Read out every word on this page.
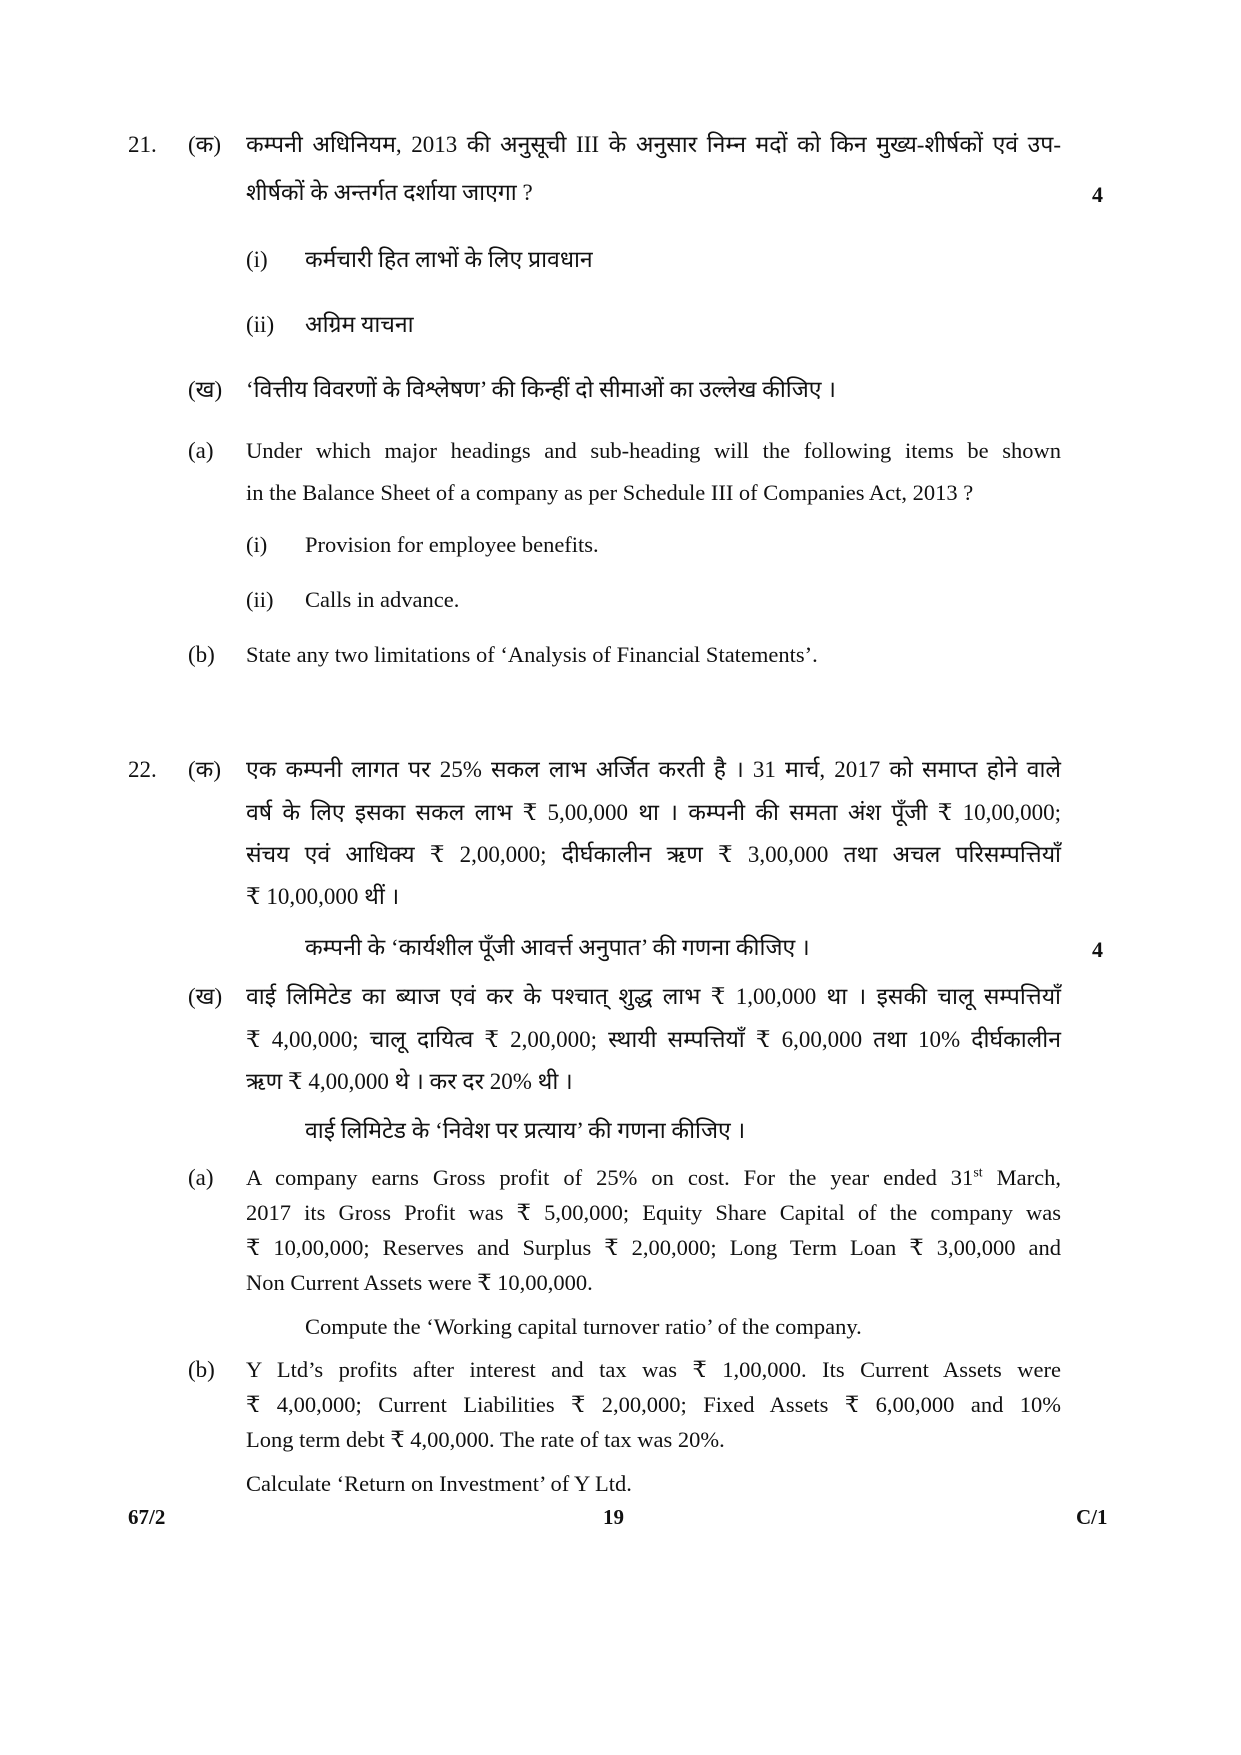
21. (क) कम्पनी अधिनियम, 2013 की अनुसूची III के अनुसार निम्न मदों को किन मुख्य-शीर्षकों एवं उप-
शीर्षकों के अन्तर्गत दर्शाया जाएगा ?	4
(i) कर्मचारी हित लाभों के लिए प्रावधान
(ii) अग्रिम याचना
(ख) ‘वित्तीय विवरणों के विश्लेषण’ की किन्हीं दो सीमाओं का उल्लेख कीजिए ।
(a) Under which major headings and sub-heading will the following items be shown
in the Balance Sheet of a company as per Schedule III of Companies Act, 2013 ?
(i) Provision for employee benefits.
(ii) Calls in advance.
(b) State any two limitations of ‘Analysis of Financial Statements’.
22. (क) एक कम्पनी लागत पर 25% सकल लाभ अर्जित करती है । 31 मार्च, 2017 को समाप्त होने वाले
वर्ष के लिए इसका सकल लाभ ₹ 5,00,000 था । कम्पनी की समता अंश पूँजी ₹ 10,00,000;
संचय एवं आधिक्य ₹ 2,00,000; दीर्घकालीन ऋण ₹ 3,00,000 तथा अचल परिसम्पत्तियाँ
₹ 10,00,000 थीं ।
कम्पनी के ‘कार्यशील पूँजी आवर्त्त अनुपात’ की गणना कीजिए ।	4
(ख) वाई लिमिटेड का ब्याज एवं कर के पश्चात् शुद्ध लाभ ₹ 1,00,000 था । इसकी चालू सम्पत्तियाँ
₹ 4,00,000; चालू दायित्व ₹ 2,00,000; स्थायी सम्पत्तियाँ ₹ 6,00,000 तथा 10% दीर्घकालीन
ऋण ₹ 4,00,000 थे । कर दर 20% थी ।
वाई लिमिटेड के ‘निवेश पर प्रत्याय’ की गणना कीजिए ।
(a) A company earns Gross profit of 25% on cost. For the year ended 31st March,
2017 its Gross Profit was ₹ 5,00,000; Equity Share Capital of the company was
₹ 10,00,000; Reserves and Surplus ₹ 2,00,000; Long Term Loan ₹ 3,00,000 and
Non Current Assets were ₹ 10,00,000.
Compute the ‘Working capital turnover ratio’ of the company.
(b) Y Ltd’s profits after interest and tax was ₹ 1,00,000. Its Current Assets were
₹ 4,00,000; Current Liabilities ₹ 2,00,000; Fixed Assets ₹ 6,00,000 and 10%
Long term debt ₹ 4,00,000. The rate of tax was 20%.
Calculate ‘Return on Investment’ of Y Ltd.
67/2	19	C/1
